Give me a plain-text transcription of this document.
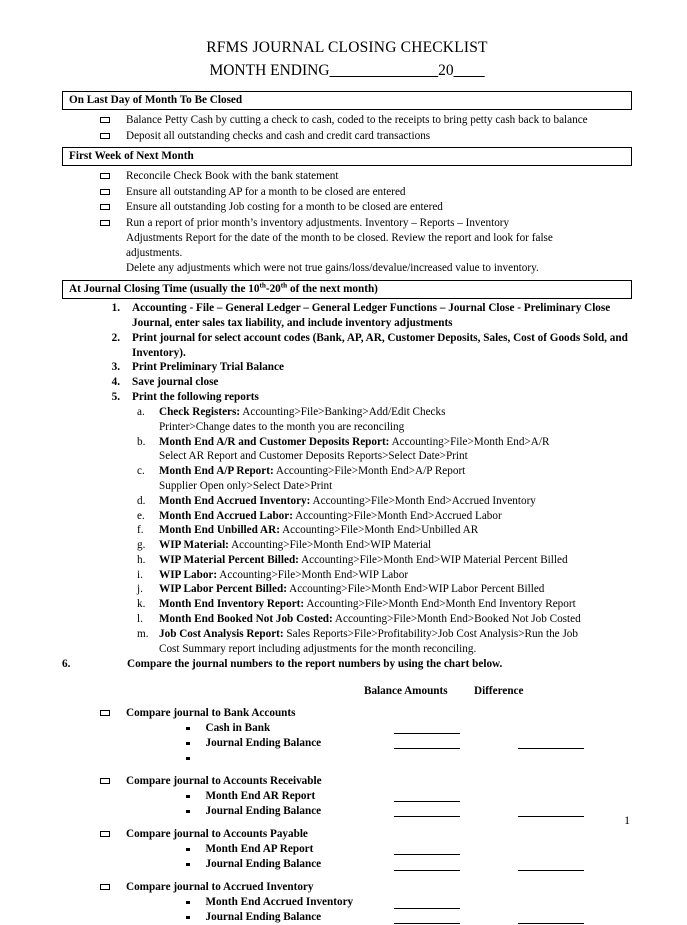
RFMS JOURNAL CLOSING CHECKLIST
MONTH ENDING______________20____
On Last Day of Month To Be Closed
Balance Petty Cash by cutting a check to cash, coded to the receipts to bring petty cash back to balance
Deposit all outstanding checks and cash and credit card transactions
First Week of Next Month
Reconcile Check Book with the bank statement
Ensure all outstanding AP for a month to be closed are entered
Ensure all outstanding Job costing for a month to be closed are entered
Run a report of prior month’s inventory adjustments. Inventory – Reports – Inventory
Adjustments Report for the date of the month to be closed. Review the report and look for false
adjustments.
Delete any adjustments which were not true gains/loss/devalue/increased value to inventory.
At Journal Closing Time (usually the 10th-20th of the next month)
1. Accounting - File – General Ledger – General Ledger Functions – Journal Close - Preliminary Close Journal, enter sales tax liability, and include inventory adjustments
2. Print journal for select account codes (Bank, AP, AR, Customer Deposits, Sales, Cost of Goods Sold, and Inventory).
3. Print Preliminary Trial Balance
4. Save journal close
5. Print the following reports
a.	Check Registers: Accounting>File>Banking>Add/Edit Checks
Printer>Change dates to the month you are reconciling
b.	Month End A/R and Customer Deposits Report: Accounting>File>Month End>A/R
Select AR Report and Customer Deposits Reports>Select Date>Print
c.	Month End A/P Report: Accounting>File>Month End>A/P Report
Supplier Open only>Select Date>Print
d.	Month End Accrued Inventory: Accounting>File>Month End>Accrued Inventory
e.	Month End Accrued Labor: Accounting>File>Month End>Accrued Labor
f.	Month End Unbilled AR: Accounting>File>Month End>Unbilled AR
g.	WIP Material: Accounting>File>Month End>WIP Material
h.	WIP Material Percent Billed: Accounting>File>Month End>WIP Material Percent Billed
i.	WIP Labor: Accounting>File>Month End>WIP Labor
j.	WIP Labor Percent Billed: Accounting>File>Month End>WIP Labor Percent Billed
k.	Month End Inventory Report: Accounting>File>Month End>Month End Inventory Report
l.	Month End Booked Not Job Costed: Accounting>File>Month End>Booked Not Job Costed
m. Job Cost Analysis Report: Sales Reports>File>Profitability>Job Cost Analysis>Run the Job
Cost Summary report including adjustments for the month reconciling.
6.	Compare the journal numbers to the report numbers by using the chart below.
Balance Amounts	Difference
Compare journal to Bank Accounts
Cash in Bank
Journal Ending Balance
Compare journal to Accounts Receivable
Month End AR Report
Journal Ending Balance
Compare journal to Accounts Payable
Month End AP Report
Journal Ending Balance
Compare journal to Accrued Inventory
Month End Accrued Inventory
Journal Ending Balance
1
